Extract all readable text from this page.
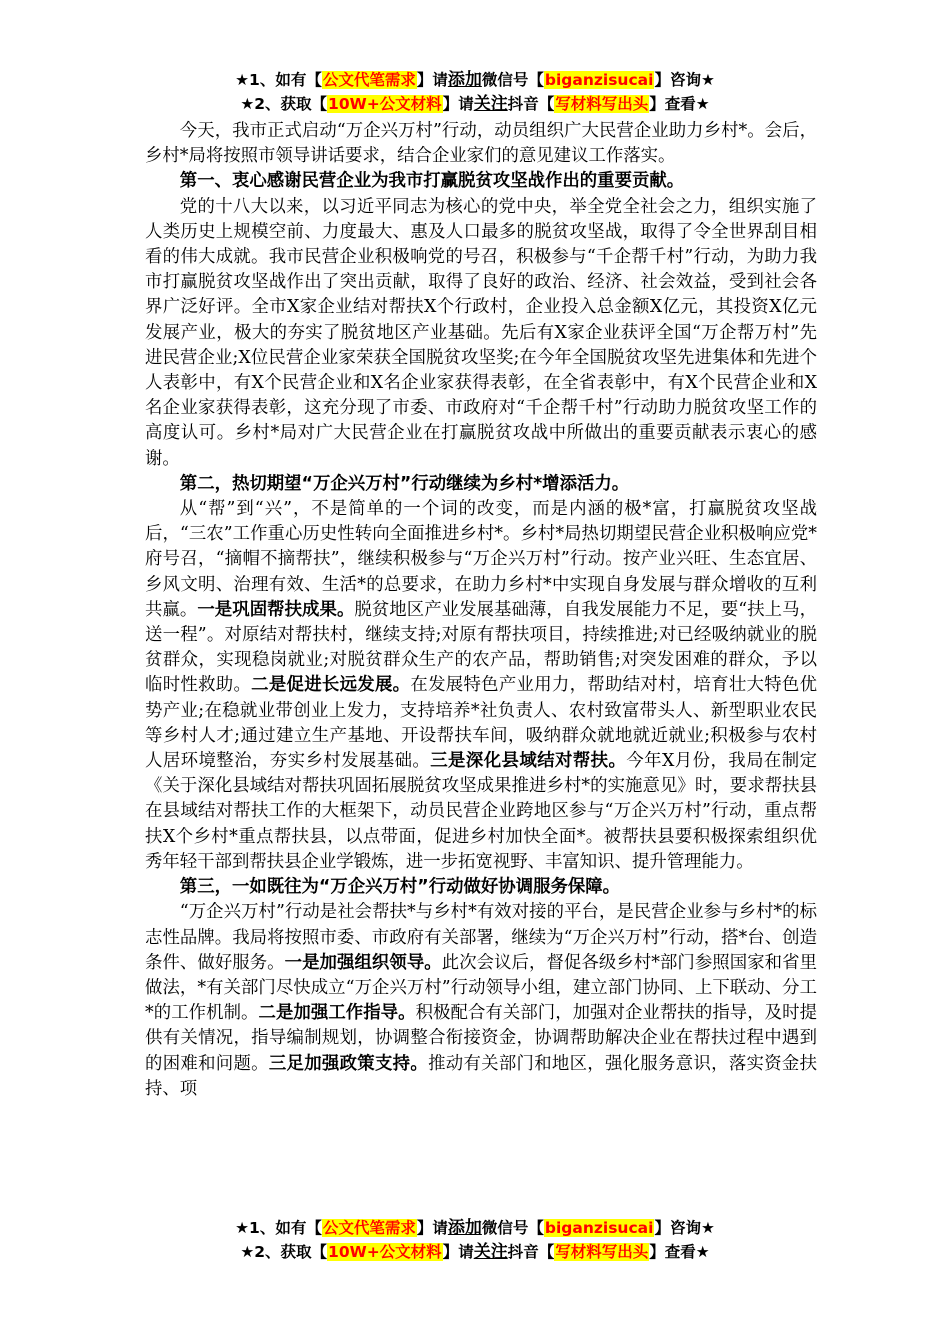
★1、如有【公文代笔需求】请添加微信号【biganzisucai】咨询★
★2、获取【10W+公文材料】请关注抖音【写材料写出头】查看★

今天，我市正式启动“万企兴万村”行动，动员组织广大民营企业助力乡村*。会后，乡村*局将按照市领导讲话要求，结合企业家们的意见建议工作落实。

第一、衷心感谢民营企业为我市打赢脱贫攻坚战作出的重要贡献。

党的十八大以来，以习近平同志为核心的党中央，举全党全社会之力，组织实施了人类历史上规模空前、力度最大、惠及人口最多的脱贫攻坚战，取得了令全世界刮目相看的伟大成就。我市民营企业积极响党的号召，积极参与“千企帮千村”行动，为助力我市打赢脱贫攻坚战作出了突出贡献，取得了良好的政治、经济、社会效益，受到社会各界广泛好评。全市X家企业结对帮扶X个行政村，企业投入总金额X亿元，其投资X亿元发展产业，极大的夯实了脱贫地区产业基础。先后有X家企业获评全国“万企帮万村”先进民营企业;X位民营企业家荣获全国脱贫攻坚奖;在今年全国脱贫攻坚先进集体和先进个人表彰中，有X个民营企业和X名企业家获得表彰，在全省表彰中，有X个民营企业和X名企业家获得表彰，这充分现了市委、市政府对“千企帮千村”行动助力脱贫攻坚工作的高度认可。乡村*局对广大民营企业在打赢脱贫攻战中所做出的重要贡献表示衷心的感谢。

第二，热切期望“万企兴万村”行动继续为乡村*增添活力。

从“帮”到“兴”，不是简单的一个词的改变，而是内涵的极*富，打赢脱贫攻坚战后，“三农”工作重心历史性转向全面推进乡村*。乡村*局热切期望民营企业积极响应党*府号召，“摘帽不摘帮扶”，继续积极参与“万企兴万村”行动。按产业兴旺、生态宜居、乡风文明、治理有效、生活*的总要求，在助力乡村*中实现自身发展与群众增收的互利共赢。一是巩固帮扶成果。脱贫地区产业发展基础薄，自我发展能力不足，要“扶上马，送一程”。对原结对帮扶村，继续支持;对原有帮扶项目，持续推进;对已经吸纳就业的脱贫群众，实现稳岗就业;对脱贫群众生产的农产品，帮助销售;对突发困难的群众，予以临时性救助。二是促进长远发展。在发展特色产业用力，帮助结对村，培育壮大特色优势产业;在稳就业带创业上发力，支持培养*社负责人、农村致富带头人、新型职业农民等乡村人才;通过建立生产基地、开设帮扶车间，吸纳群众就地就近就业;积极参与农村人居环境整治，夯实乡村发展基础。三是深化县域结对帮扶。今年X月份，我局在制定《关于深化县域结对帮扶巩固拓展脱贫攻坚成果推进乡村*的实施意见》时，要求帮扶县在县域结对帮扶工作的大框架下，动员民营企业跨地区参与“万企兴万村”行动，重点帮扶X个乡村*重点帮扶县，以点带面，促进乡村加快全面*。被帮扶县要积极探索组织优秀年轻干部到帮扶县企业学锻炼，进一步拓宽视野、丰富知识、提升管理能力。

第三，一如既往为“万企兴万村”行动做好协调服务保障。

“万企兴万村”行动是社会帮扶*与乡村*有效对接的平台，是民营企业参与乡村*的标志性品牌。我局将按照市委、市政府有关部署，继续为“万企兴万村”行动，搭*台、创造条件、做好服务。一是加强组织领导。此次会议后，督促各级乡村*部门参照国家和省里做法，*有关部门尽快成立“万企兴万村”行动领导小组，建立部门协同、上下联动、分工*的工作机制。二是加强工作指导。积极配合有关部门，加强对企业帮扶的指导，及时提供有关情况，指导编制规划，协调整合衔接资金，协调帮助解决企业在帮扶过程中遇到的困难和问题。三足加强政策支持。推动有关部门和地区，强化服务意识，落实资金扶持、项

★1、如有【公文代笔需求】请添加微信号【biganzisucai】咨询★
★2、获取【10W+公文材料】请关注抖音【写材料写出头】查看★
